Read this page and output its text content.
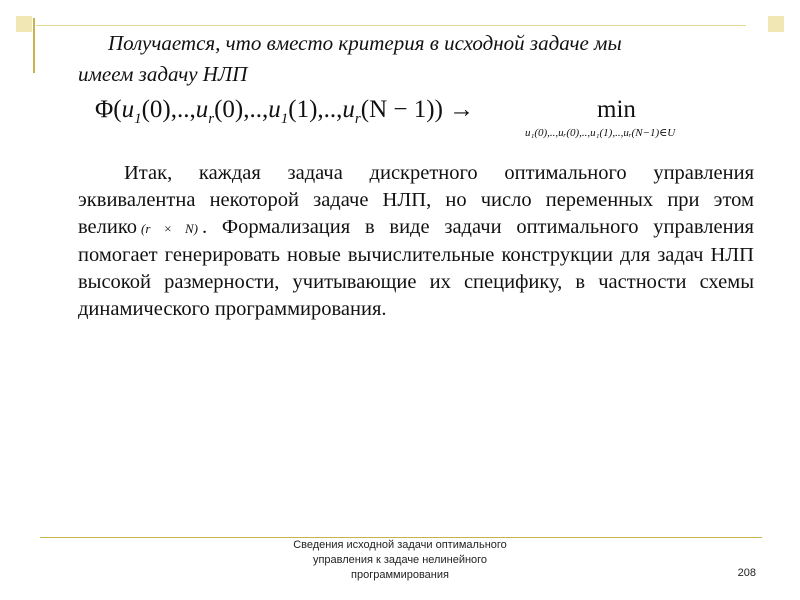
Получается, что вместо критерия в исходной задаче мы
имеем задачу НЛП
$\Phi(u_1(0),..,u_r(0),..,u_1(1),..,u_r(N - 1))$ →	min
u₁(0),..,uᵣ(0),..,u₁(1),..,uᵣ(N−1)∈U
Итак, каждая задача дискретного оптимального управления эквивалентна некоторой задаче НЛП, но число переменных при этом велико (r × N) . Формализация в виде задачи оптимального управления помогает генерировать новые вычислительные конструкции для задач НЛП высокой размерности, учитывающие их специфику, в частности схемы динамического программирования.
Сведения исходной задачи оптимального
управления к задаче нелинейного
программирования	208
